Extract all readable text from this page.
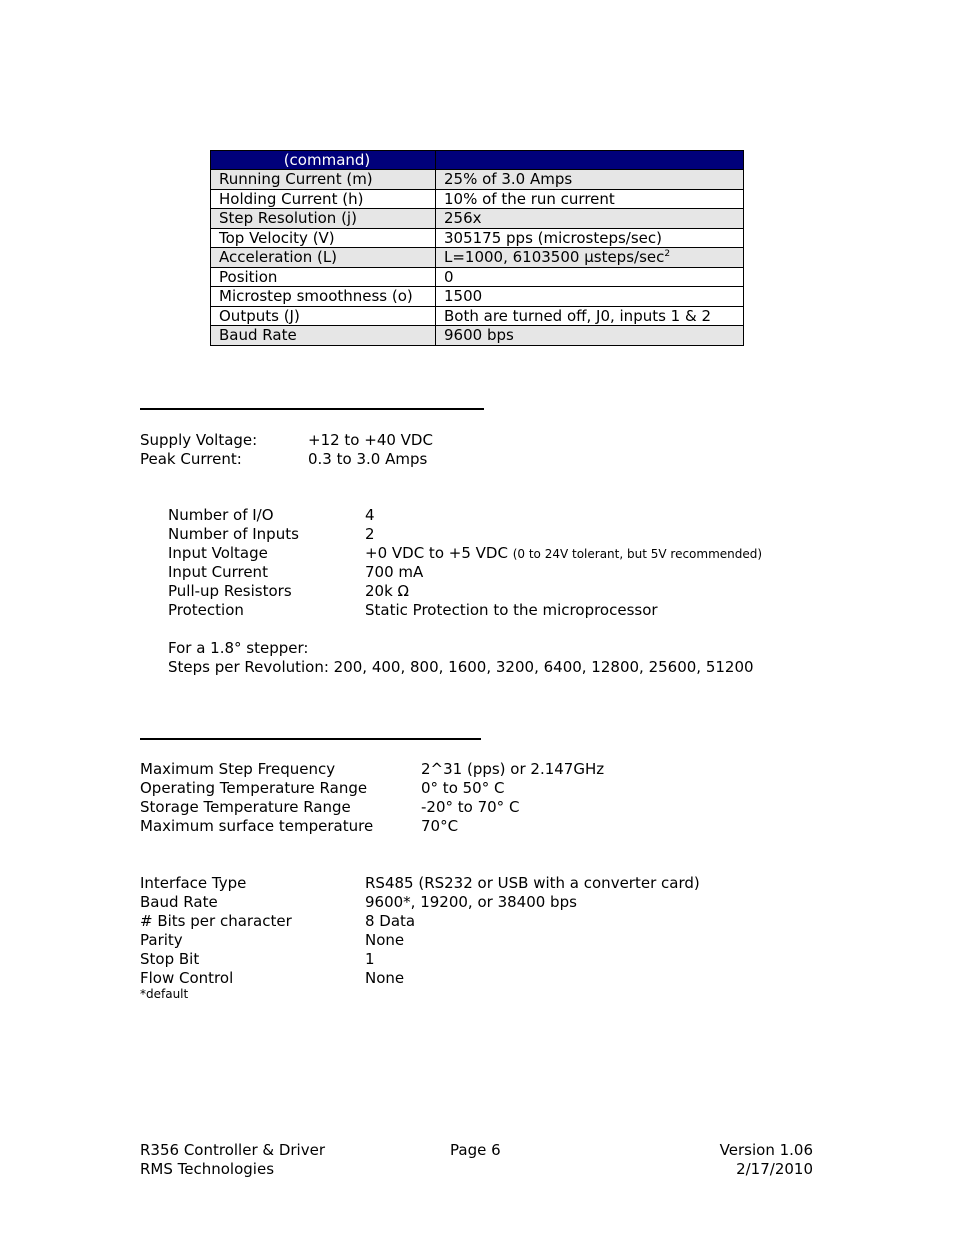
(command)	
Running Current (m)	25% of 3.0 Amps
Holding Current (h)	10% of the run current
Step Resolution (j)	256x
Top Velocity (V)	305175 pps (microsteps/sec)
Acceleration (L)	L=1000, 6103500 µsteps/$\sec^2$
Position	0
Microstep smoothness (o)	1500
Outputs (J)	Both are turned off, J0, inputs 1 & 2
Baud Rate	9600 bps
Supply Voltage:	+12 to +40 VDC
Peak Current:	0.3 to 3.0 Amps
Number of I/O	4
Number of Inputs	2
Input Voltage	+0 VDC to +5 VDC (0 to 24V tolerant, but 5V recommended)
Input Current	700 mA
Pull-up Resistors	20k Ω
Protection	Static Protection to the microprocessor
For a 1.8° stepper:
Steps per Revolution: 200, 400, 800, 1600, 3200, 6400, 12800, 25600, 51200
Maximum Step Frequency	2^31 (pps) or 2.147GHz
Operating Temperature Range	0° to 50° C
Storage Temperature Range	-20° to 70° C
Maximum surface temperature	70°C
Interface Type	RS485 (RS232 or USB with a converter card)
Baud Rate	9600*, 19200, or 38400 bps
# Bits per character	8 Data
Parity	None
Stop Bit	1
Flow Control	None
*default
R356 Controller & Driver
RMS Technologies
Page 6	Version 1.06
2/17/2010
